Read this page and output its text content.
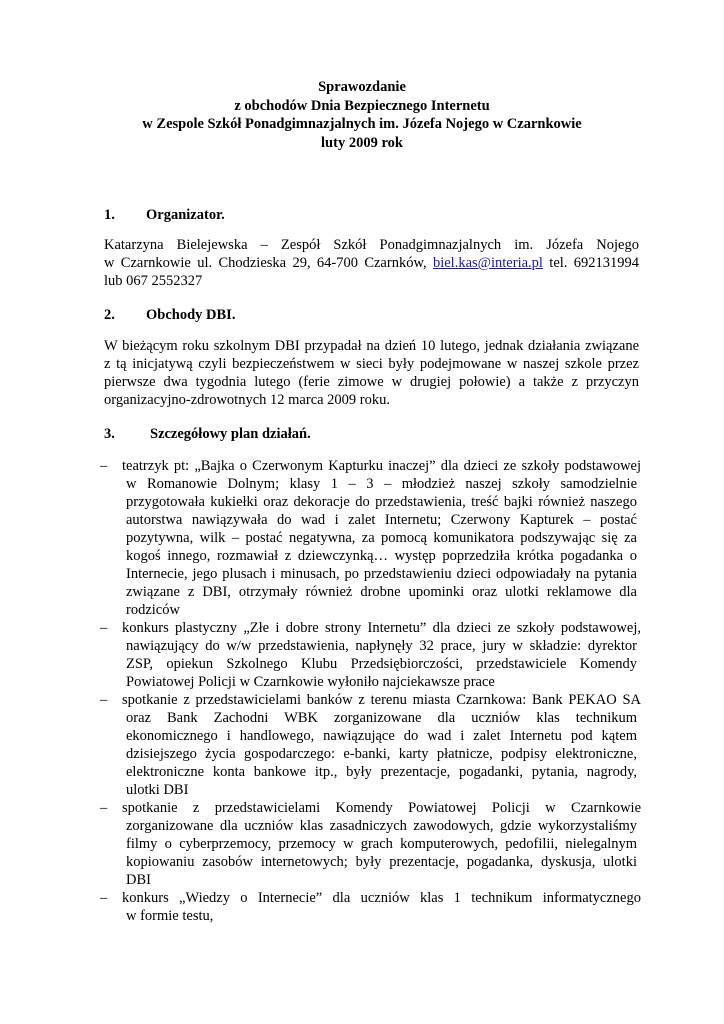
Sprawozdanie
z obchodów Dnia Bezpiecznego Internetu
w Zespole Szkół Ponadgimnazjalnych im. Józefa Nojego w Czarnkowie
luty 2009 rok
1. Organizator.
Katarzyna Bielejewska – Zespół Szkół Ponadgimnazjalnych im. Józefa Nojego
w Czarnkowie ul. Chodzieska 29, 64-700 Czarnków, biel.kas@interia.pl tel. 692131994
lub 067 2552327
2. Obchody DBI.
W bieżącym roku szkolnym DBI przypadał na dzień 10 lutego, jednak działania związane
z tą inicjatywą czyli bezpieczeństwem w sieci były podejmowane w naszej szkole przez
pierwsze dwa tygodnia lutego (ferie zimowe w drugiej połowie) a także z przyczyn
organizacyjno-zdrowotnych 12 marca 2009 roku.
3. Szczegółowy plan działań.
–	teatrzyk pt: „Bajka o Czerwonym Kapturku inaczej” dla dzieci ze szkoły podstawowej
w Romanowie Dolnym; klasy 1 – 3 – młodzież naszej szkoły samodzielnie
przygotowała kukiełki oraz dekoracje do przedstawienia, treść bajki również naszego
autorstwa nawiązywała do wad i zalet Internetu; Czerwony Kapturek – postać
pozytywna, wilk – postać negatywna, za pomocą komunikatora podszywając się za
kogoś innego, rozmawiał z dziewczynką… występ poprzedziła krótka pogadanka o
Internecie, jego plusach i minusach, po przedstawieniu dzieci odpowiadały na pytania
związane z DBI, otrzymały również drobne upominki oraz ulotki reklamowe dla
rodziców
–	konkurs plastyczny „Złe i dobre strony Internetu” dla dzieci ze szkoły podstawowej,
nawiązujący do w/w przedstawienia, napłynęły 32 prace, jury w składzie: dyrektor
ZSP, opiekun Szkolnego Klubu Przedsiębiorczości, przedstawiciele Komendy
Powiatowej Policji w Czarnkowie wyłoniło najciekawsze prace
–	spotkanie z przedstawicielami banków z terenu miasta Czarnkowa: Bank PEKAO SA
oraz Bank Zachodni WBK zorganizowane dla uczniów klas technikum
ekonomicznego i handlowego, nawiązujące do wad i zalet Internetu pod kątem
dzisiejszego życia gospodarczego: e-banki, karty płatnicze, podpisy elektroniczne,
elektroniczne konta bankowe itp., były prezentacje, pogadanki, pytania, nagrody,
ulotki DBI
–	spotkanie z przedstawicielami Komendy Powiatowej Policji w Czarnkowie
zorganizowane dla uczniów klas zasadniczych zawodowych, gdzie wykorzystaliśmy
filmy o cyberprzemocy, przemocy w grach komputerowych, pedofilii, nielegalnym
kopiowaniu zasobów internetowych; były prezentacje, pogadanka, dyskusja, ulotki
DBI
–	konkurs „Wiedzy o Internecie” dla uczniów klas 1 technikum informatycznego
w formie testu,
